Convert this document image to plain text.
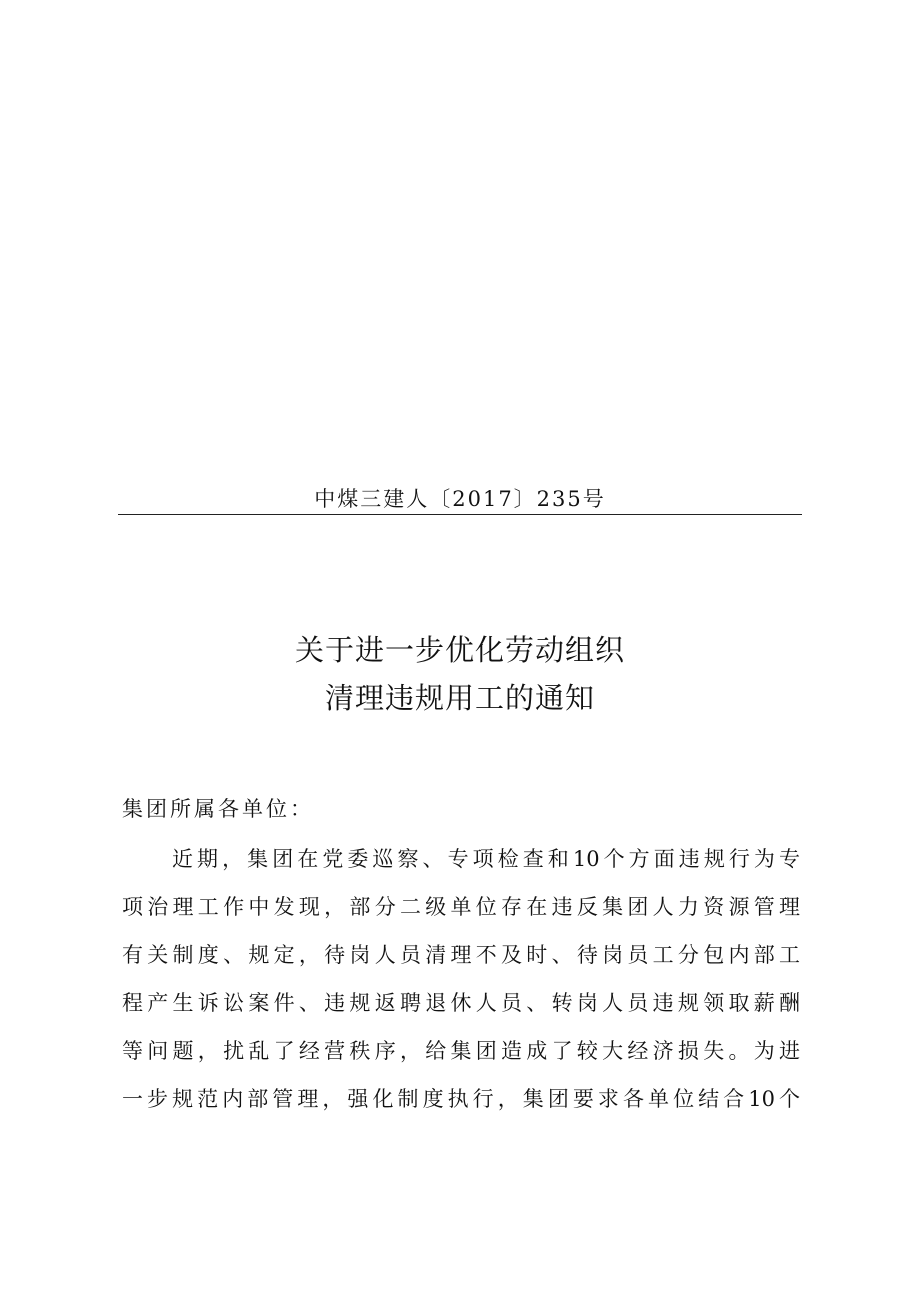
中煤三建人〔2017〕235号
关于进一步优化劳动组织
清理违规用工的通知
集团所属各单位：
近期，集团在党委巡察、专项检查和10个方面违规行为专
项治理工作中发现，部分二级单位存在违反集团人力资源管理
有关制度、规定，待岗人员清理不及时、待岗员工分包内部工
程产生诉讼案件、违规返聘退休人员、转岗人员违规领取薪酬
等问题，扰乱了经营秩序，给集团造成了较大经济损失。为进
一步规范内部管理，强化制度执行，集团要求各单位结合10个
